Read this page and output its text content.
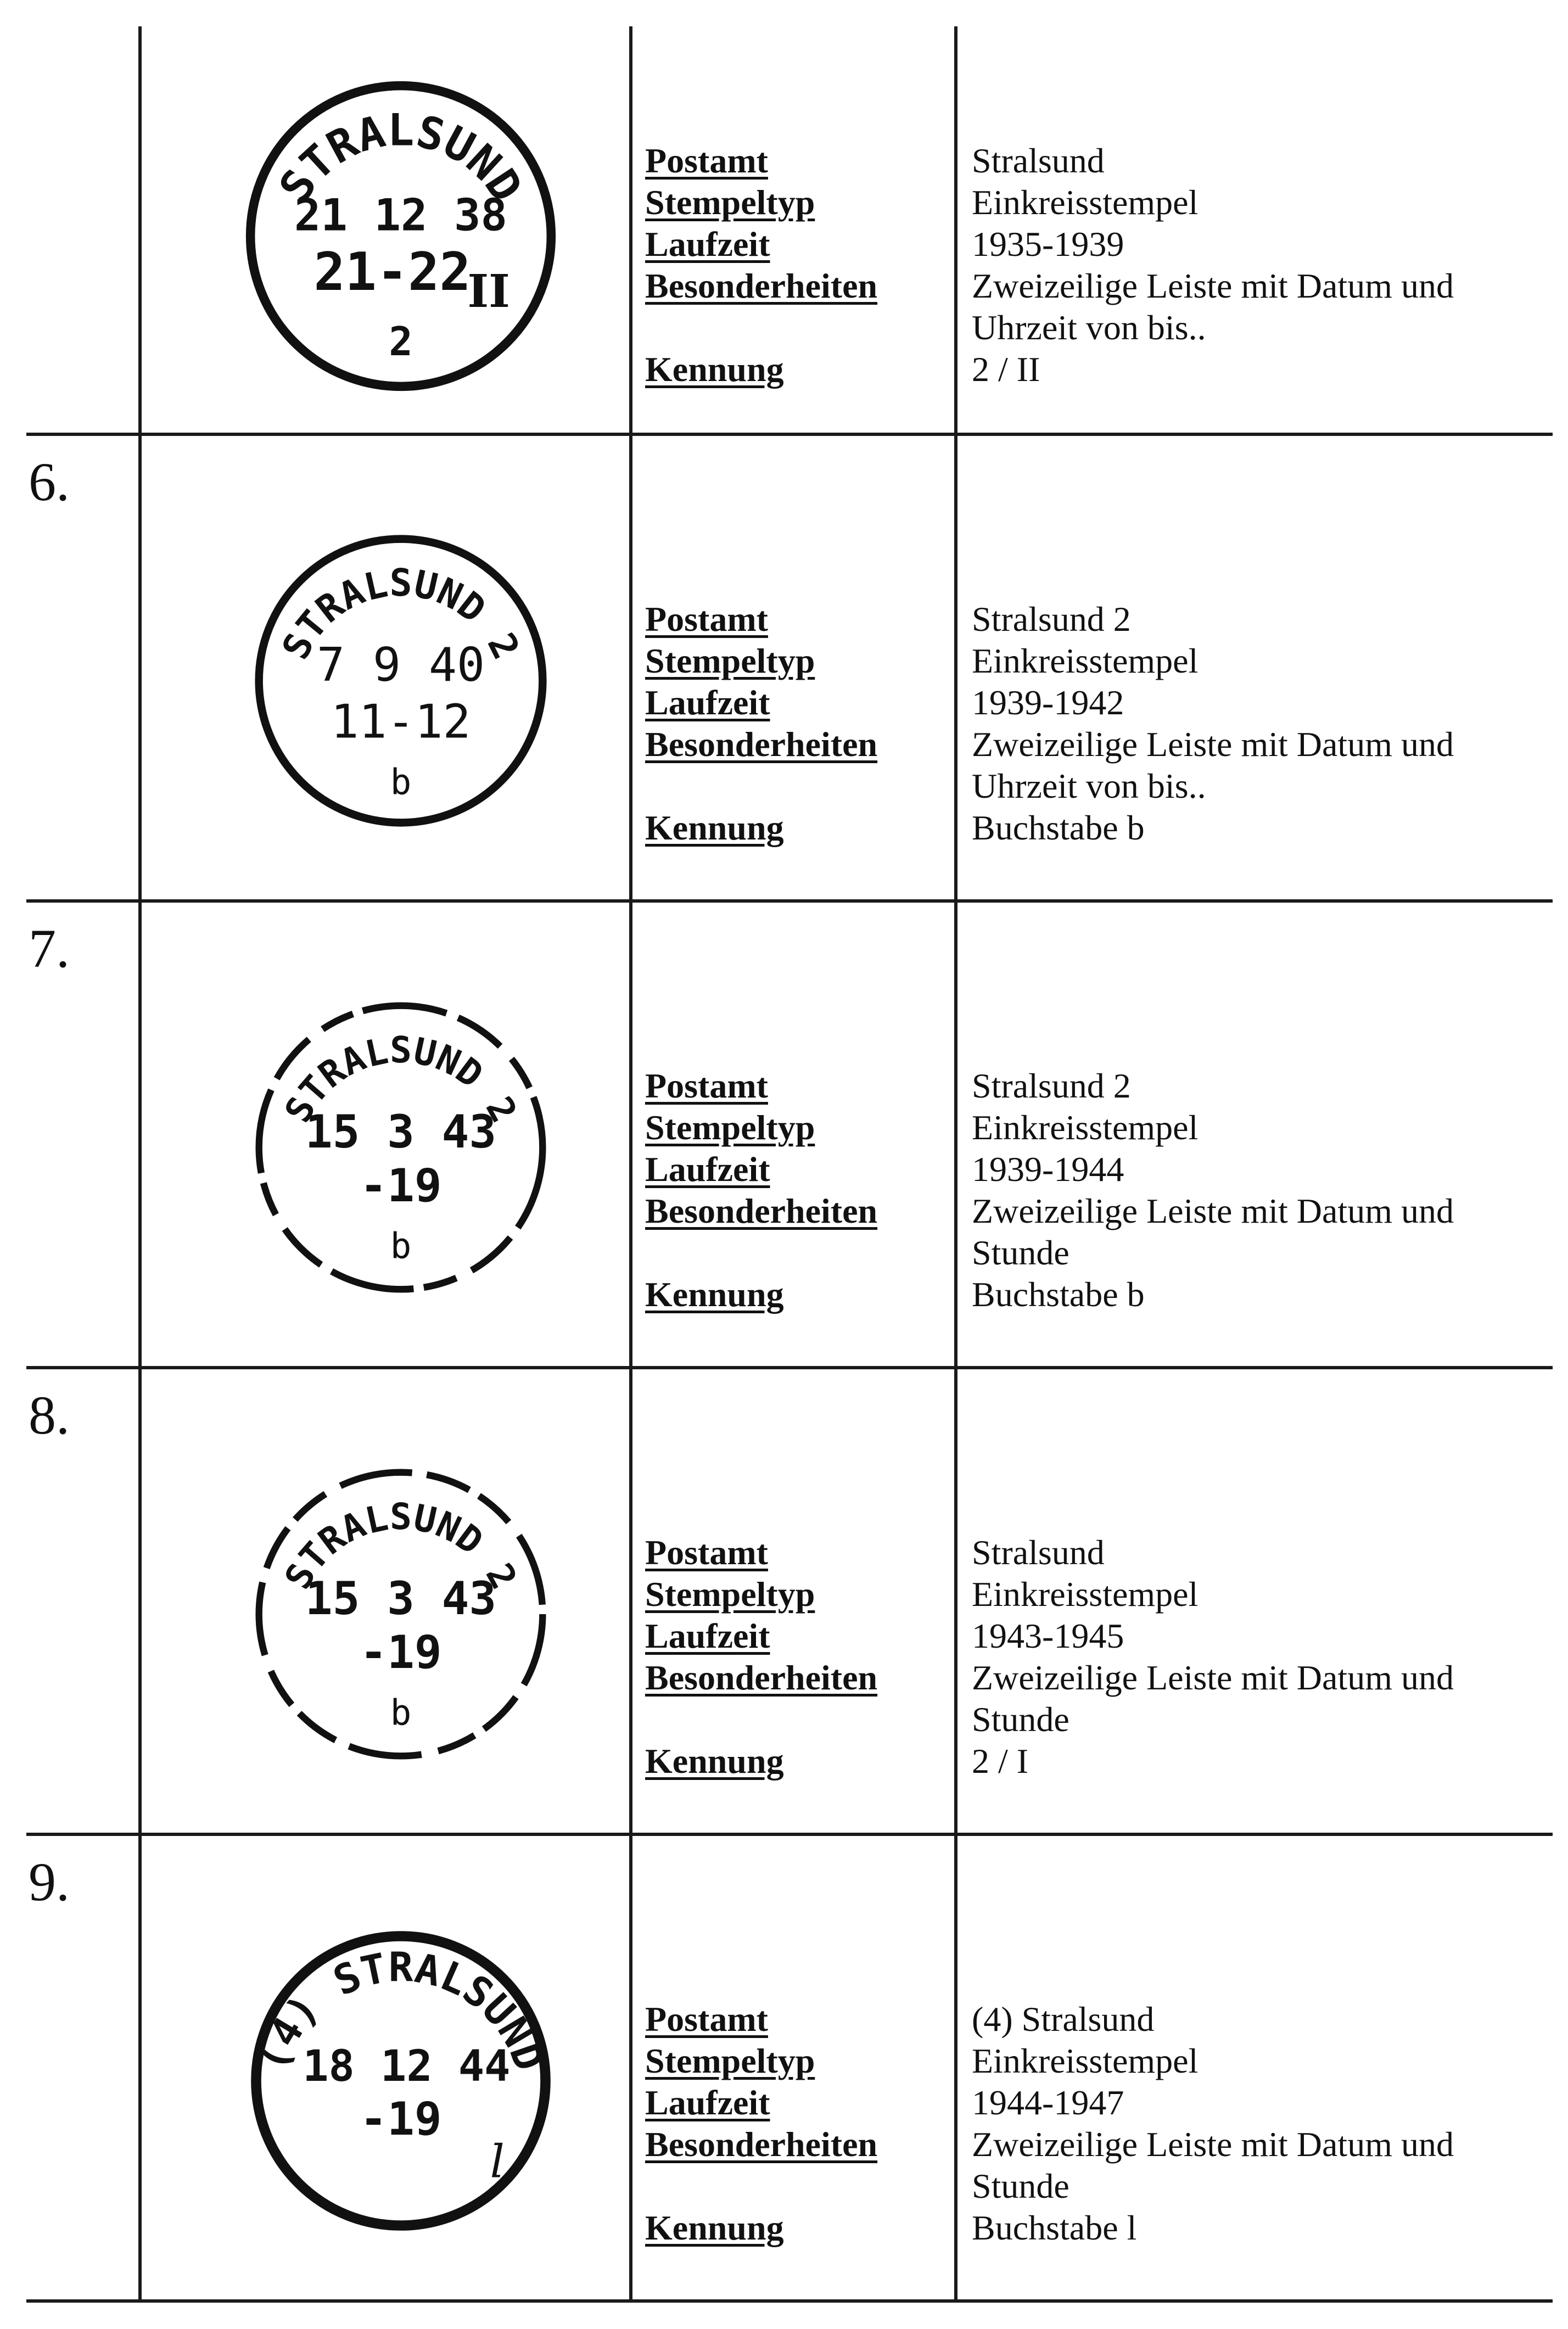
STRALSUND
21 12 38
21-22
II
2
Postamt
Stempeltyp
Laufzeit
Besonderheiten
Kennung
Stralsund
Einkreisstempel
1935-1939
Zweizeilige Leiste mit Datum und
Uhrzeit von bis..
2 / II
6.
STRALSUND 2
7 9 40
11-12
b
Postamt
Stempeltyp
Laufzeit
Besonderheiten
Kennung
Stralsund 2
Einkreisstempel
1939-1942
Zweizeilige Leiste mit Datum und
Uhrzeit von bis..
Buchstabe b
7.
STRALSUND 2
15 3 43
-19
b
Postamt
Stempeltyp
Laufzeit
Besonderheiten
Kennung
Stralsund 2
Einkreisstempel
1939-1944
Zweizeilige Leiste mit Datum und
Stunde
Buchstabe b
8.
STRALSUND 2
15 3 43
-19
b
Postamt
Stempeltyp
Laufzeit
Besonderheiten
Kennung
Stralsund
Einkreisstempel
1943-1945
Zweizeilige Leiste mit Datum und
Stunde
2 / I
9.
(4) STRALSUND
18 12 44
-19
l
Postamt
Stempeltyp
Laufzeit
Besonderheiten
Kennung
(4) Stralsund
Einkreisstempel
1944-1947
Zweizeilige Leiste mit Datum und
Stunde
Buchstabe l
